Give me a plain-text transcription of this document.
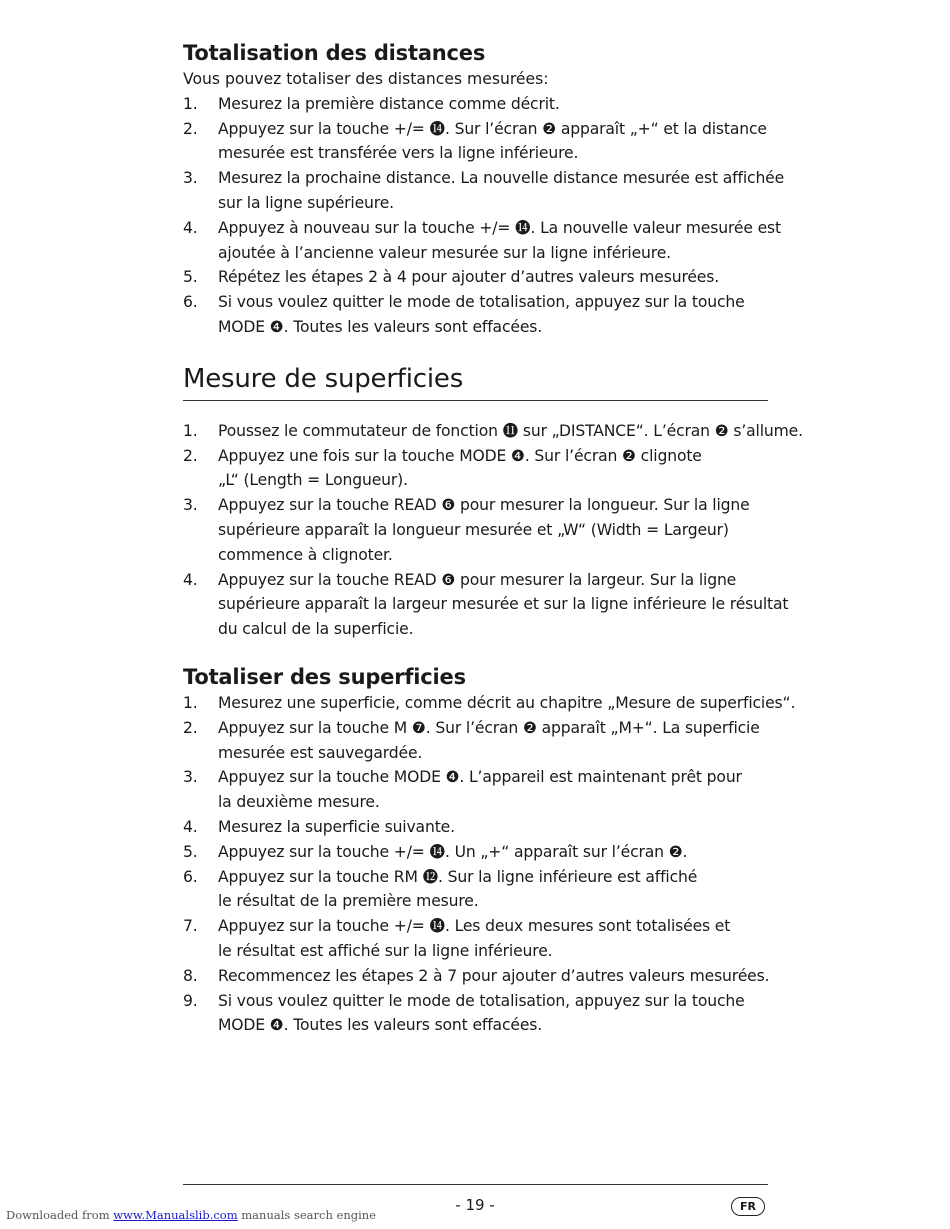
Totalisation des distances

Vous pouvez totaliser des distances mesurées:

1. Mesurez la première distance comme décrit.
2. Appuyez sur la touche +/= ⓮. Sur l’écran ❷ apparaît „+“ et la distance
mesurée est transférée vers la ligne inférieure.
3. Mesurez la prochaine distance. La nouvelle distance mesurée est affichée
sur la ligne supérieure.
4. Appuyez à nouveau sur la touche +/= ⓮. La nouvelle valeur mesurée est
ajoutée à l’ancienne valeur mesurée sur la ligne inférieure.
5. Répétez les étapes 2 à 4 pour ajouter d’autres valeurs mesurées.
6. Si vous voulez quitter le mode de totalisation, appuyez sur la touche
MODE ❹. Toutes les valeurs sont effacées.
Mesure de superficies
1. Poussez le commutateur de fonction ⓫ sur „DISTANCE“. L’écran ❷ s’allume.
2. Appuyez une fois sur la touche MODE ❹. Sur l’écran ❷ clignote
„L“ (Length = Longueur).
3. Appuyez sur la touche READ ❻ pour mesurer la longueur. Sur la ligne
supérieure apparaît la longueur mesurée et „W“ (Width = Largeur)
commence à clignoter.
4. Appuyez sur la touche READ ❻ pour mesurer la largeur. Sur la ligne
supérieure apparaît la largeur mesurée et sur la ligne inférieure le résultat
du calcul de la superficie.
Totaliser des superficies
1. Mesurez une superficie, comme décrit au chapitre „Mesure de superficies“.
2. Appuyez sur la touche M ❼. Sur l’écran ❷ apparaît „M+“. La superficie
mesurée est sauvegardée.
3. Appuyez sur la touche MODE ❹. L’appareil est maintenant prêt pour
la deuxième mesure.
4. Mesurez la superficie suivante.
5. Appuyez sur la touche +/= ⓮. Un „+“ apparaît sur l’écran ❷.
6. Appuyez sur la touche RM ⓬. Sur la ligne inférieure est affiché
le résultat de la première mesure.
7. Appuyez sur la touche +/= ⓮. Les deux mesures sont totalisées et
le résultat est affiché sur la ligne inférieure.
8. Recommencez les étapes 2 à 7 pour ajouter d’autres valeurs mesurées.
9. Si vous voulez quitter le mode de totalisation, appuyez sur la touche
MODE ❹. Toutes les valeurs sont effacées.
- 19 -	FR
Downloaded from www.Manualslib.com manuals search engine
